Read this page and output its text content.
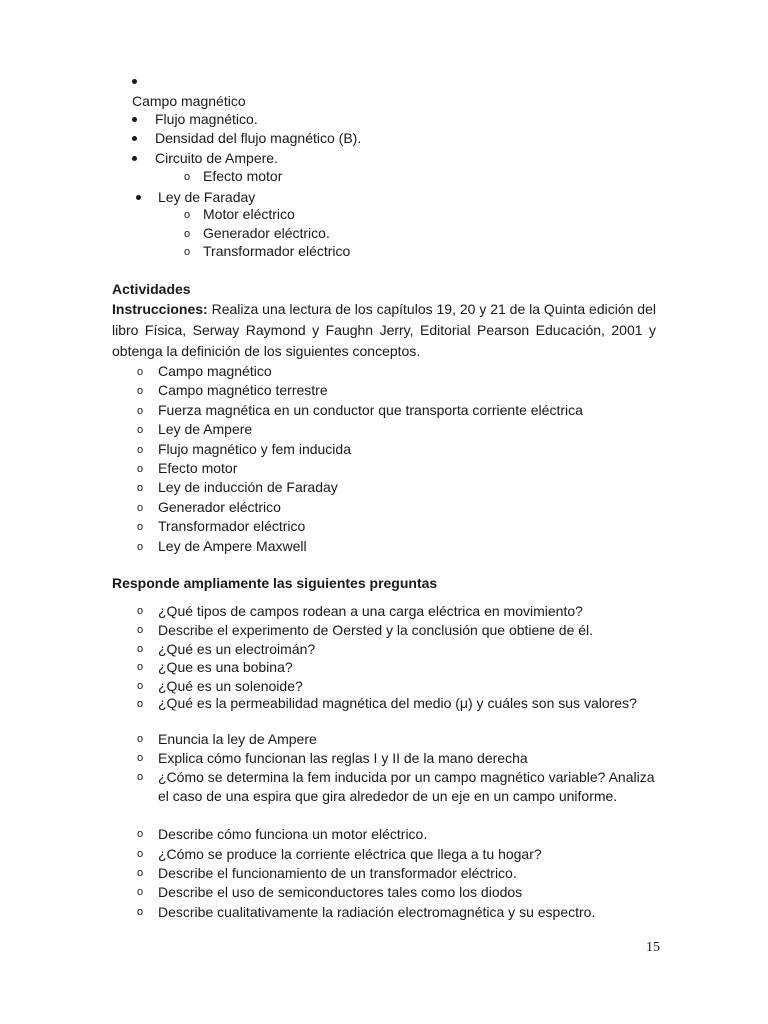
Campo magnético
Flujo magnético.
Densidad del flujo magnético (B).
Circuito de Ampere.
o Efecto motor
Ley de Faraday
o Motor eléctrico
o Generador eléctrico.
o Transformador eléctrico
Actividades
Instrucciones: Realiza una lectura de los capítulos 19, 20 y 21 de la Quinta edición del libro Física, Serway Raymond y Faughn Jerry, Editorial Pearson Educación, 2001 y obtenga la definición de los siguientes conceptos.
o Campo magnético
o Campo magnético terrestre
o Fuerza magnética en un conductor que transporta corriente eléctrica
o Ley de Ampere
o Flujo magnético y fem inducida
o Efecto motor
o Ley de inducción de Faraday
o Generador eléctrico
o Transformador eléctrico
o Ley de Ampere Maxwell
Responde ampliamente las siguientes preguntas
o ¿Qué tipos de campos rodean a una carga eléctrica en movimiento?
o Describe el experimento de Oersted y la conclusión que obtiene de él.
o ¿Qué es un electroimán?
o ¿Que es una bobina?
o ¿Qué es un solenoide?
o ¿Qué es la permeabilidad magnética del medio (μ) y cuáles son sus valores?
o Enuncia la ley de Ampere
o Explica cómo funcionan las reglas I y II de la mano derecha
o ¿Cómo se determina la fem inducida por un campo magnético variable? Analiza el caso de una espira que gira alrededor de un eje en un campo uniforme.
o Describe cómo funciona un motor eléctrico.
o ¿Cómo se produce la corriente eléctrica que llega a tu hogar?
o Describe el funcionamiento de un transformador eléctrico.
o Describe el uso de semiconductores tales como los diodos
o Describe cualitativamente la radiación electromagnética y su espectro.
15
